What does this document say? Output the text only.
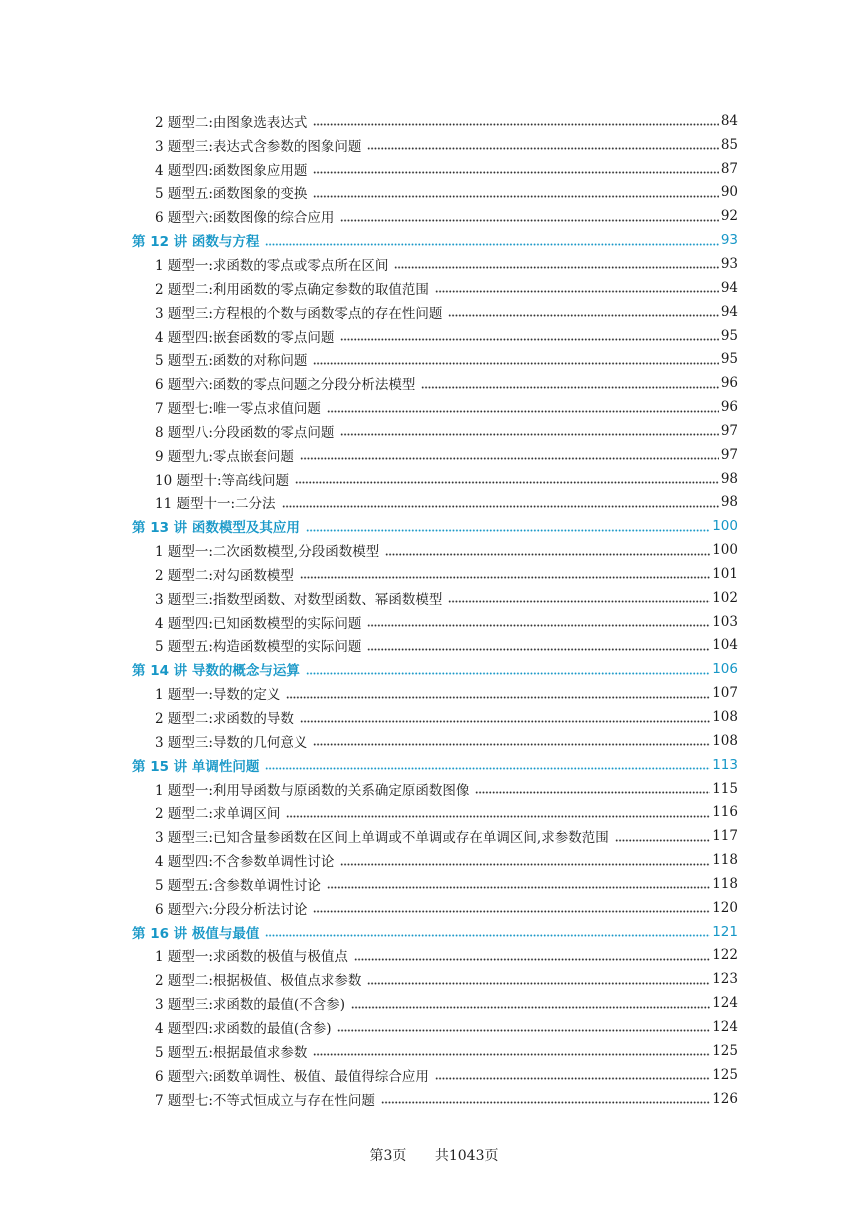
2 题型二:由图象选表达式	84
3 题型三:表达式含参数的图象问题	85
4 题型四:函数图象应用题	87
5 题型五:函数图象的变换	90
6 题型六:函数图像的综合应用	92
第 12 讲 函数与方程	93
1 题型一:求函数的零点或零点所在区间	93
2 题型二:利用函数的零点确定参数的取值范围	94
3 题型三:方程根的个数与函数零点的存在性问题	94
4 题型四:嵌套函数的零点问题	95
5 题型五:函数的对称问题	95
6 题型六:函数的零点问题之分段分析法模型	96
7 题型七:唯一零点求值问题	96
8 题型八:分段函数的零点问题	97
9 题型九:零点嵌套问题	97
10 题型十:等高线问题	98
11 题型十一:二分法	98
第 13 讲 函数模型及其应用	100
1 题型一:二次函数模型,分段函数模型	100
2 题型二:对勾函数模型	101
3 题型三:指数型函数、对数型函数、幂函数模型	102
4 题型四:已知函数模型的实际问题	103
5 题型五:构造函数模型的实际问题	104
第 14 讲 导数的概念与运算	106
1 题型一:导数的定义	107
2 题型二:求函数的导数	108
3 题型三:导数的几何意义	108
第 15 讲 单调性问题	113
1 题型一:利用导函数与原函数的关系确定原函数图像	115
2 题型二:求单调区间	116
3 题型三:已知含量参函数在区间上单调或不单调或存在单调区间,求参数范围	117
4 题型四:不含参数单调性讨论	118
5 题型五:含参数单调性讨论	118
6 题型六:分段分析法讨论	120
第 16 讲 极值与最值	121
1 题型一:求函数的极值与极值点	122
2 题型二:根据极值、极值点求参数	123
3 题型三:求函数的最值(不含参)	124
4 题型四:求函数的最值(含参)	124
5 题型五:根据最值求参数	125
6 题型六:函数单调性、极值、最值得综合应用	125
7 题型七:不等式恒成立与存在性问题	126
第3页 共1043页
